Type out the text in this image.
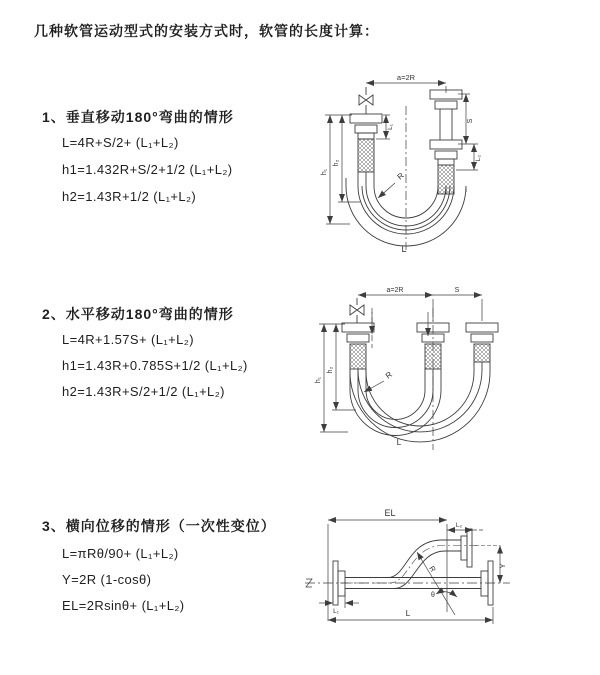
几种软管运动型式的安装方式时，软管的长度计算：
1、垂直移动180°弯曲的情形
L=4R+S/2+ (L₁+L₂)
h1=1.432R+S/2+1/2 (L₁+L₂)
h2=1.43R+1/2 (L₁+L₂)
2、水平移动180°弯曲的情形
L=4R+1.57S+ (L₁+L₂)
h1=1.43R+0.785S+1/2 (L₁+L₂)
h2=1.43R+S/2+1/2 (L₁+L₂)
3、横向位移的情形（一次性变位）
L=πRθ/90+ (L₁+L₂)
Y=2R (1-cosθ)
EL=2Rsinθ+ (L₁+L₂)
a=2R
h₁
h₂
L₁
S
L₂
R
L
a=2R	S
h₁
h₂	R
L
EL
L₂
Y
R
θ
L
L₁
